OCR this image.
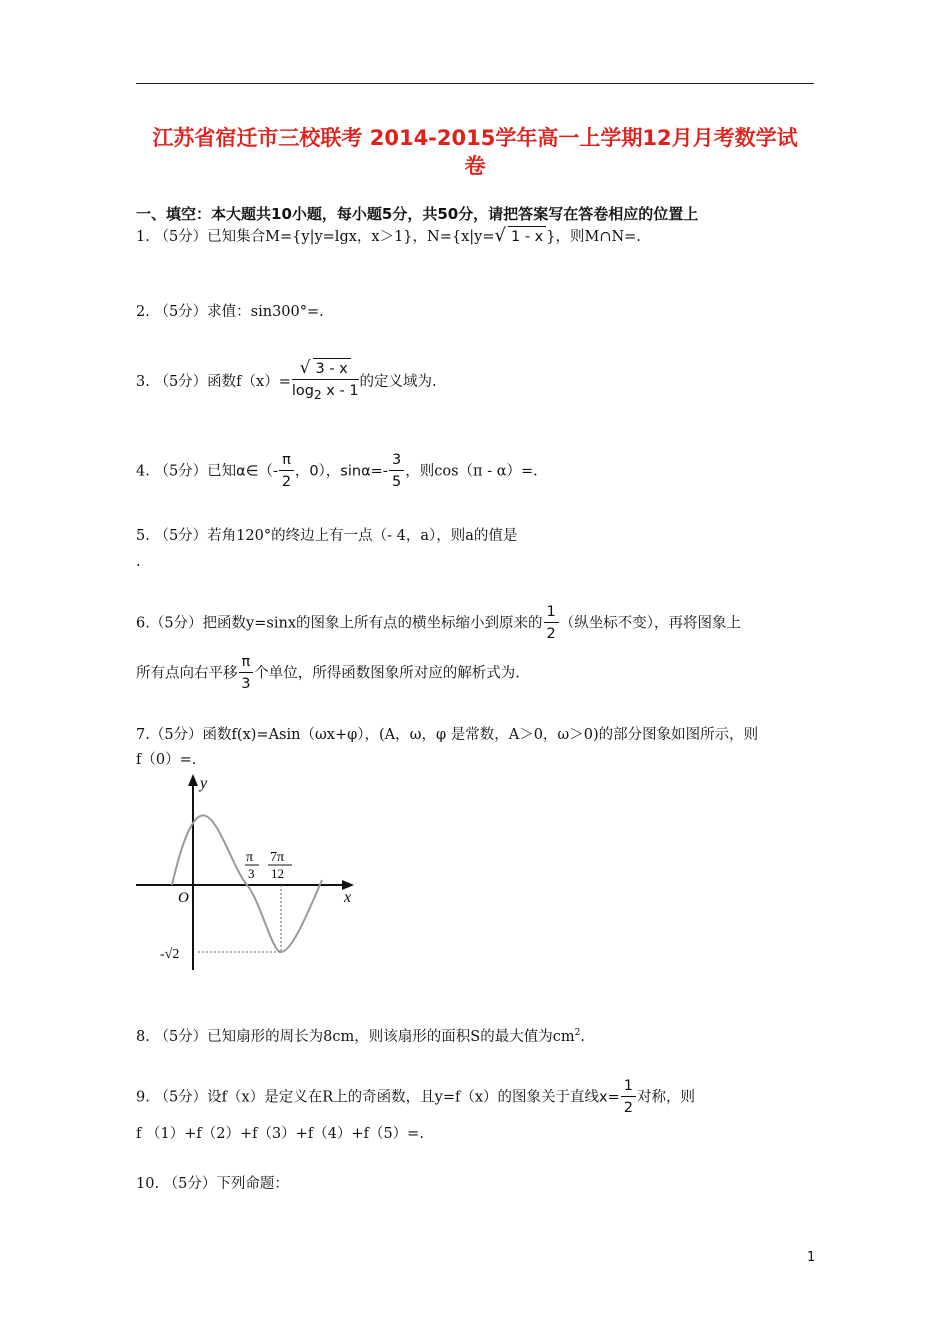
江苏省宿迁市三校联考 2014-2015学年高一上学期12月月考数学试
卷
一、填空：本大题共10小题，每小题5分，共50分，请把答案写在答卷相应的位置上
1. （5分）已知集合M={y|y=lgx，x＞1}，N={x|y=√ 1 - x }，则M∩N=.
2. （5分）求值：sin300°=.
3. （5分）函数$f(x)= \frac{√ 3 - x}{\log_2 x - 1}$ 的定义域为.
4. （5分）已知α∈（- $\frac{\pi}{2}$ ，0），$\sin\alpha=- \frac{3}{5}$ ，则cos（π - α）=.
5. （5分）若角120°的终边上有一点（- 4，a），则a的值是
.
6.（5分）把函数y=sinx的图象上所有点的横坐标缩小到原来的 $\frac{1}{2}$ （纵坐标不变），再将图象上
所有点向右平移 $\frac{\pi}{3}$ 个单位，所得函数图象所对应的解析式为.
7.（5分）函数f(x)=Asin（ωx+φ），(A，ω，φ 是常数，A＞0，ω＞0)的部分图象如图所示，则
f（0）=.
y
x
O
π
3
7π
12
-√2
8. （5分）已知扇形的周长为8cm，则该扇形的面积S的最大值为$cm^2$.
9. （5分）设f（x）是定义在R上的奇函数，且y=f（x）的图象关于直线$x= \frac{1}{2}$ 对称，则
f （1）+f（2）+f（3）+f（4）+f（5）=.
10. （5分）下列命题：
1
